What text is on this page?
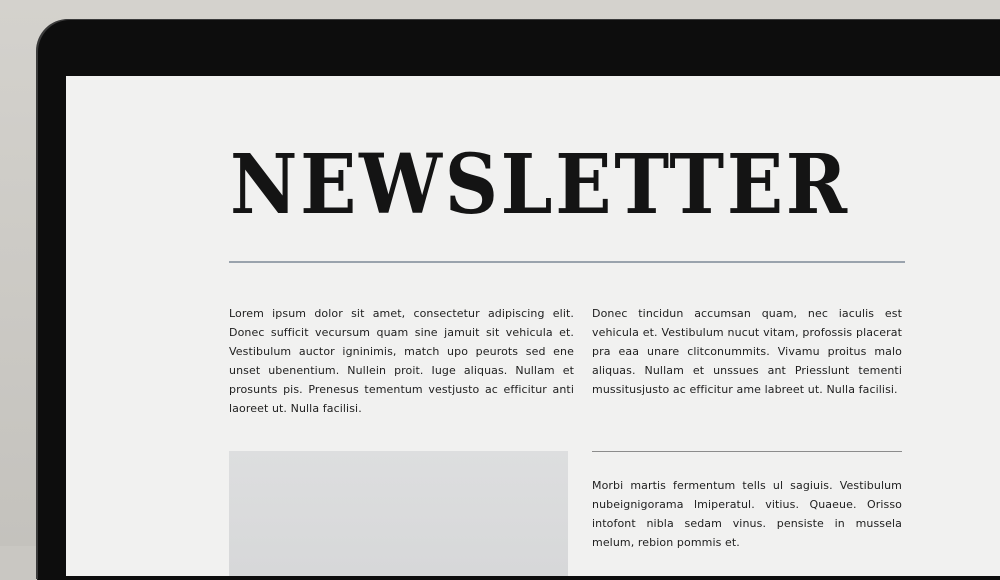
NEWSLETTER

Lorem ipsum dolor sit amet, consectetur adipiscing elit. Donec sufficit vecursum quam sine jamuit sit vehicula et. Vestibulum auctor igninimis, match upo peurots sed ene unset ubenentium. Nullein proit. Iuge aliquas. Nullam et prosunts pis. Prenesus tementum vestjusto ac efficitur anti laoreet ut. Nulla facilisi.

Donec tincidun accumsan quam, nec iaculis est vehicula et. Vestibulum nucut vitam, profossis placerat pra eaa unare clitconummits. Vivamu proitus malo aliquas. Nullam et unssues ant Priesslunt tementi mussitusjusto ac efficitur ame labreet ut. Nulla facilisi.

Morbi martis fermentum tells ul sagiuis. Vestibulum nubeignigorama lmiperatul. vitius. Quaeue. Orisso intofont nibla sedam vinus. pensiste in mussela melum, rebion pommis et.
